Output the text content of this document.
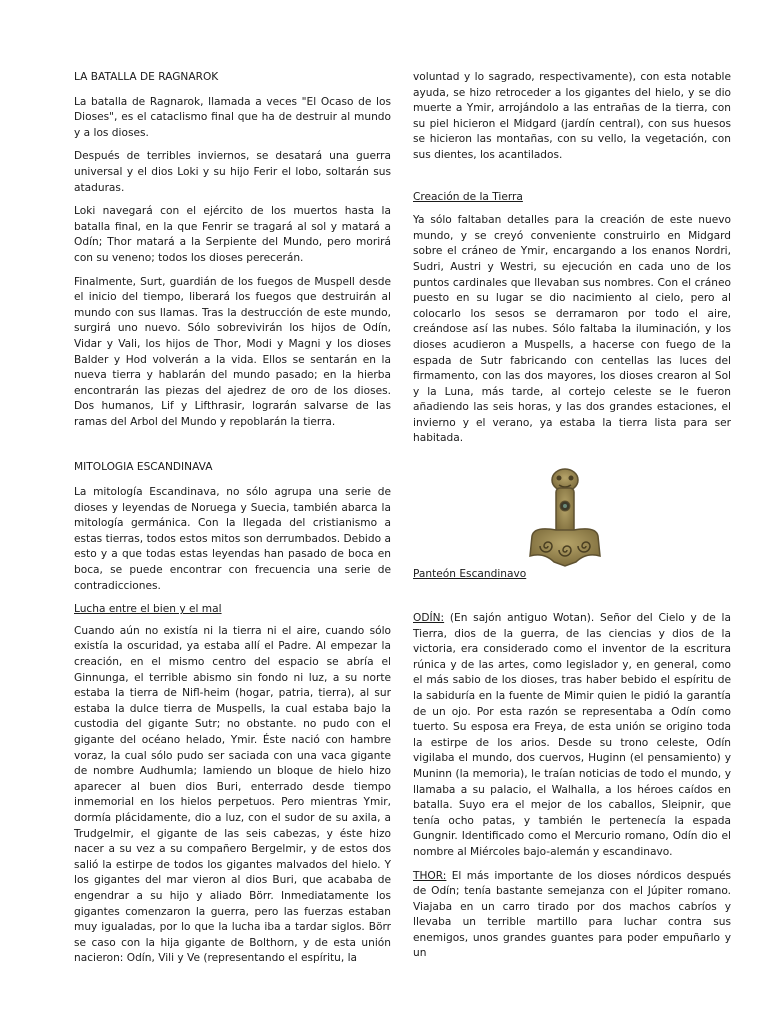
LA BATALLA DE RAGNAROK

La batalla de Ragnarok, llamada a veces "El Ocaso de los Dioses", es el cataclismo final que ha de destruir al mundo y a los dioses.

Después de terribles inviernos, se desatará una guerra universal y el dios Loki y su hijo Ferir el lobo, soltarán sus ataduras.

Loki navegará con el ejército de los muertos hasta la batalla final, en la que Fenrir se tragará al sol y matará a Odín; Thor matará a la Serpiente del Mundo, pero morirá con su veneno; todos los dioses perecerán.

Finalmente, Surt, guardián de los fuegos de Muspell desde el inicio del tiempo, liberará los fuegos que destruirán al mundo con sus llamas. Tras la destrucción de este mundo, surgirá uno nuevo. Sólo sobrevivirán los hijos de Odín, Vidar y Vali, los hijos de Thor, Modi y Magni y los dioses Balder y Hod volverán a la vida. Ellos se sentarán en la nueva tierra y hablarán del mundo pasado; en la hierba encontrarán las piezas del ajedrez de oro de los dioses. Dos humanos, Lif y Lifthrasir, lograrán salvarse de las ramas del Arbol del Mundo y repoblarán la tierra.

MITOLOGIA ESCANDINAVA

La mitología Escandinava, no sólo agrupa una serie de dioses y leyendas de Noruega y Suecia, también abarca la mitología germánica. Con la llegada del cristianismo a estas tierras, todos estos mitos son derrumbados. Debido a esto y a que todas estas leyendas han pasado de boca en boca, se puede encontrar con frecuencia una serie de contradicciones.

Lucha entre el bien y el mal

Cuando aún no existía ni la tierra ni el aire, cuando sólo existía la oscuridad, ya estaba allí el Padre. Al empezar la creación, en el mismo centro del espacio se abría el Ginnunga, el terrible abismo sin fondo ni luz, a su norte estaba la tierra de Nifl-heim (hogar, patria, tierra), al sur estaba la dulce tierra de Muspells, la cual estaba bajo la custodia del gigante Sutr; no obstante. no pudo con el gigante del océano helado, Ymir. Éste nació con hambre voraz, la cual sólo pudo ser saciada con una vaca gigante de nombre Audhumla; lamiendo un bloque de hielo hizo aparecer al buen dios Buri, enterrado desde tiempo inmemorial en los hielos perpetuos. Pero mientras Ymir, dormía plácidamente, dio a luz, con el sudor de su axila, a Trudgelmir, el gigante de las seis cabezas, y éste hizo nacer a su vez a su compañero Bergelmir, y de estos dos salió la estirpe de todos los gigantes malvados del hielo. Y los gigantes del mar vieron al dios Buri, que acababa de engendrar a su hijo y aliado Börr. Inmediatamente los gigantes comenzaron la guerra, pero las fuerzas estaban muy igualadas, por lo que la lucha iba a tardar siglos. Börr se caso con la hija gigante de Bolthorn, y de esta unión nacieron: Odín, Vili y Ve (representando el espíritu, la

voluntad y lo sagrado, respectivamente), con esta notable ayuda, se hizo retroceder a los gigantes del hielo, y se dio muerte a Ymir, arrojándolo a las entrañas de la tierra, con su piel hicieron el Midgard (jardín central), con sus huesos se hicieron las montañas, con su vello, la vegetación, con sus dientes, los acantilados.

Creación de la Tierra

Ya sólo faltaban detalles para la creación de este nuevo mundo, y se creyó conveniente construirlo en Midgard sobre el cráneo de Ymir, encargando a los enanos Nordri, Sudri, Austri y Westri, su ejecución en cada uno de los puntos cardinales que llevaban sus nombres. Con el cráneo puesto en su lugar se dio nacimiento al cielo, pero al colocarlo los sesos se derramaron por todo el aire, creándose así las nubes. Sólo faltaba la iluminación, y los dioses acudieron a Muspells, a hacerse con fuego de la espada de Sutr fabricando con centellas las luces del firmamento, con las dos mayores, los dioses crearon al Sol y la Luna, más tarde, al cortejo celeste se le fueron añadiendo las seis horas, y las dos grandes estaciones, el invierno y el verano, ya estaba la tierra lista para ser habitada.

Panteón Escandinavo

ODÍN: (En sajón antiguo Wotan). Señor del Cielo y de la Tierra, dios de la guerra, de las ciencias y dios de la victoria, era considerado como el inventor de la escritura rúnica y de las artes, como legislador y, en general, como el más sabio de los dioses, tras haber bebido el espíritu de la sabiduría en la fuente de Mimir quien le pidió la garantía de un ojo. Por esta razón se representaba a Odín como tuerto. Su esposa era Freya, de esta unión se origino toda la estirpe de los arios. Desde su trono celeste, Odín vigilaba el mundo, dos cuervos, Huginn (el pensamiento) y Muninn (la memoria), le traían noticias de todo el mundo, y llamaba a su palacio, el Walhalla, a los héroes caídos en batalla. Suyo era el mejor de los caballos, Sleipnir, que tenía ocho patas, y también le pertenecía la espada Gungnir. Identificado como el Mercurio romano, Odín dio el nombre al Miércoles bajo-alemán y escandinavo.

THOR: El más importante de los dioses nórdicos después de Odín; tenía bastante semejanza con el Júpiter romano. Viajaba en un carro tirado por dos machos cabríos y llevaba un terrible martillo para luchar contra sus enemigos, unos grandes guantes para poder empuñarlo y un
